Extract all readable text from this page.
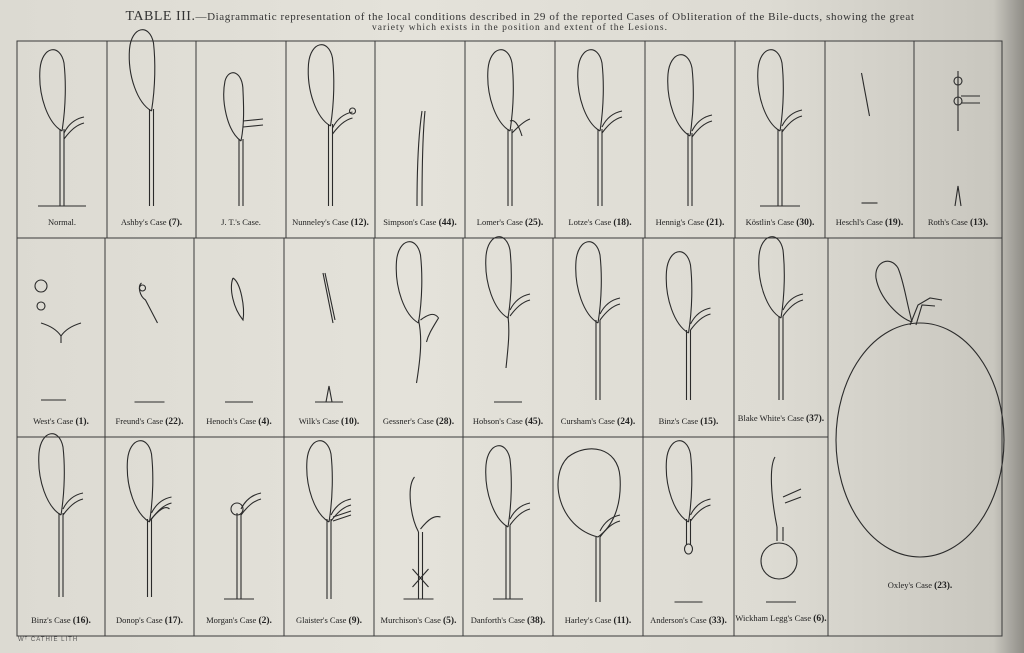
TABLE III.—Diagrammatic representation of the local conditions described in 29 of the reported Cases of Obliteration of the Bile-ducts, showing the great
variety which exists in the position and extent of the Lesions.
Wᵀ CATHIE LITH
Normal.	Ashby's Case (7).	J. T.'s Case.	Nunneley's Case (12).	Simpson's Case (44).	Lomer's Case (25).	Lotze's Case (18).	Hennig's Case (21).	Köstlin's Case (30).	Heschl's Case (19).	Roth's Case (13).
West's Case (1).	Freund's Case (22).	Henoch's Case (4).	Wilk's Case (10).	Gessner's Case (28).	Hobson's Case (45).	Cursham's Case (24).	Binz's Case (15).	Blake White's Case (37).
Binz's Case (16).	Donop's Case (17).	Morgan's Case (2).	Glaister's Case (9).	Murchison's Case (5).	Danforth's Case (38).	Harley's Case (11).	Anderson's Case (33). Wickham Legg's Case (6).
Oxley's Case (23).
